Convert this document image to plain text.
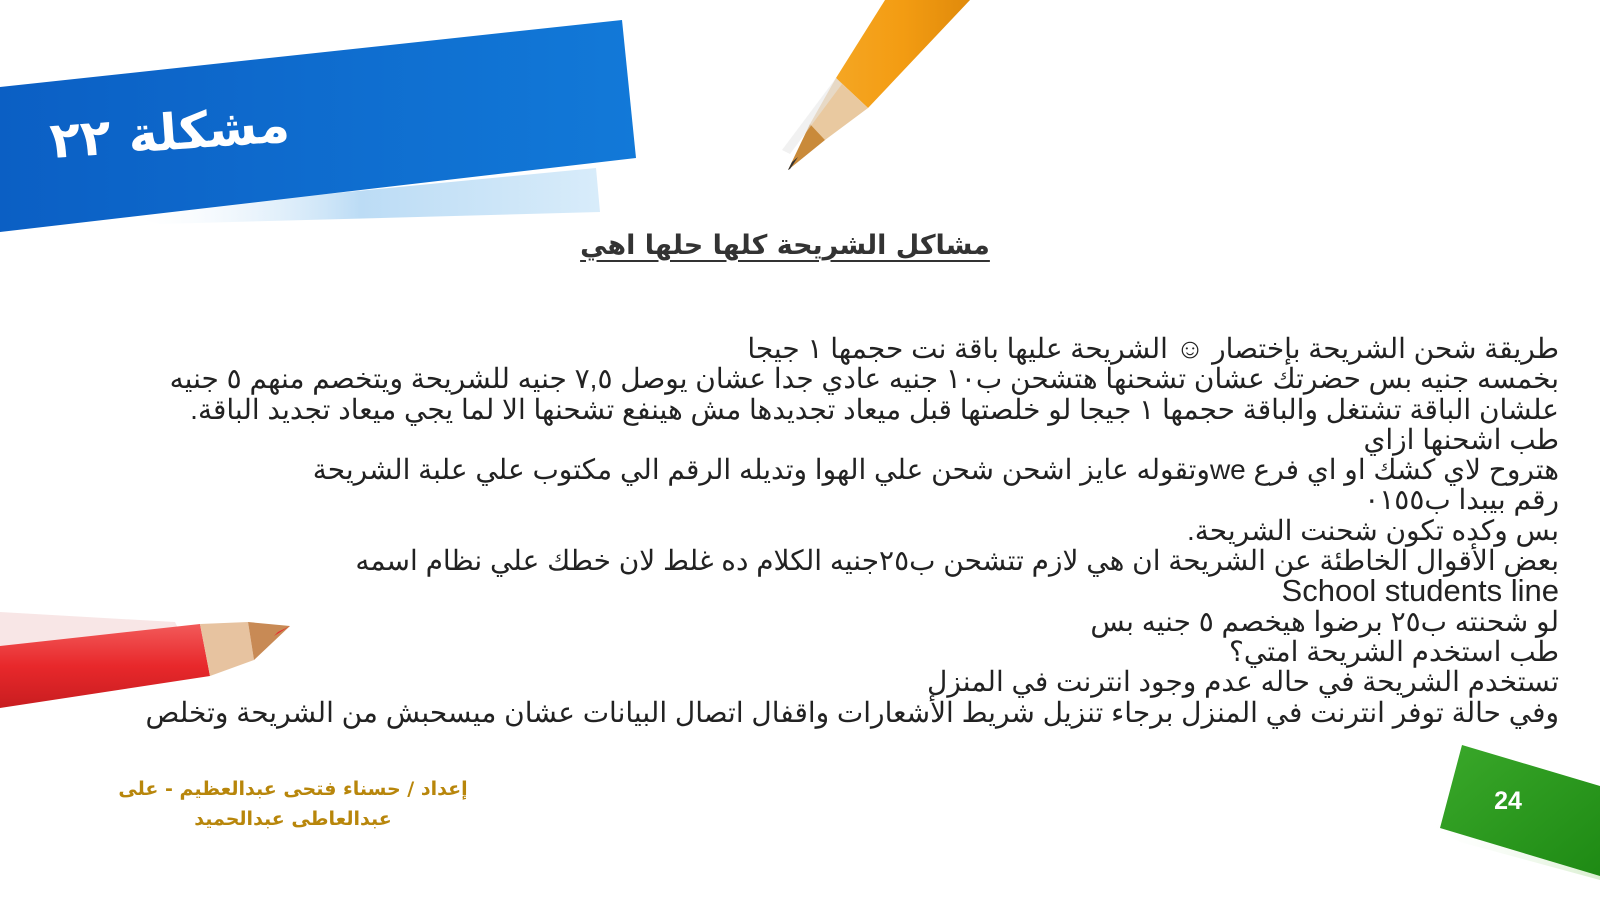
مشكلة ٢٢
مشاكل الشريحة كلها حلها اهي
طريقة شحن الشريحة بإختصار ☺ الشريحة عليها باقة نت حجمها ١ جيجا
بخمسه جنيه بس حضرتك عشان تشحنها هتشحن ب١٠ جنيه عادي جدا عشان يوصل ٧,٥ جنيه للشريحة ويتخصم منهم ٥ جنيه
علشان الباقة تشتغل والباقة حجمها ١ جيجا لو خلصتها قبل ميعاد تجديدها مش هينفع تشحنها الا لما يجي ميعاد تجديد الباقة.
طب اشحنها ازاي
هتروح لاي كشك او اي فرع weوتقوله عايز اشحن شحن علي الهوا وتديله الرقم الي مكتوب علي علبة الشريحة
رقم بيبدا ب٠١٥٥
بس وكده تكون شحنت الشريحة.
بعض الأقوال الخاطئة عن الشريحة ان هي لازم تتشحن ب٢٥جنيه الكلام ده غلط لان خطك علي نظام اسمه
School students line
لو شحنته ب٢٥ برضوا هيخصم ٥ جنيه بس
طب استخدم الشريحة امتي؟
تستخدم الشريحة في حاله عدم وجود انترنت في المنزل
وفي حالة توفر انترنت في المنزل برجاء تنزيل شريط الأشعارات واقفال اتصال البيانات عشان ميسحبش من الشريحة وتخلص
إعداد / حسناء فتحى عبدالعظيم - على
عبدالعاطى عبدالحميد
24
